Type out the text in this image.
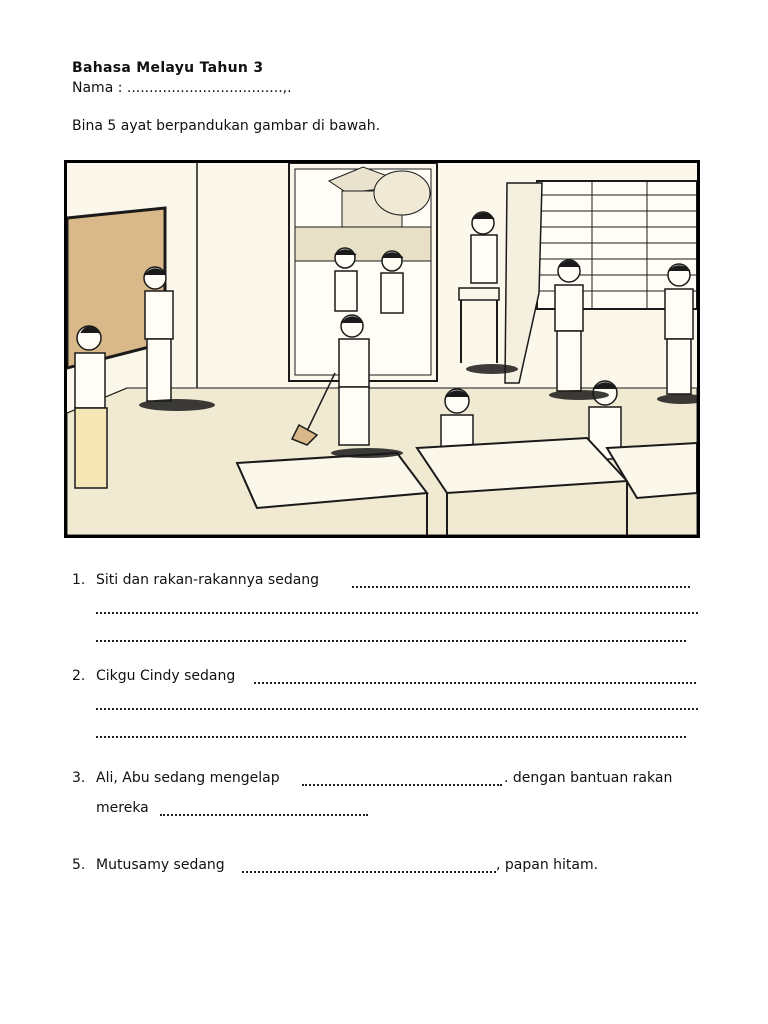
Bahasa Melayu Tahun 3
Nama : ...................................,.
Bina 5 ayat berpandukan gambar di bawah.
1. Siti dan rakan-rakannya sedang
2. Cikgu Cindy sedang
3. Ali, Abu sedang mengelap	. dengan bantuan rakan
mereka
5. Mutusamy sedang	, papan hitam.
